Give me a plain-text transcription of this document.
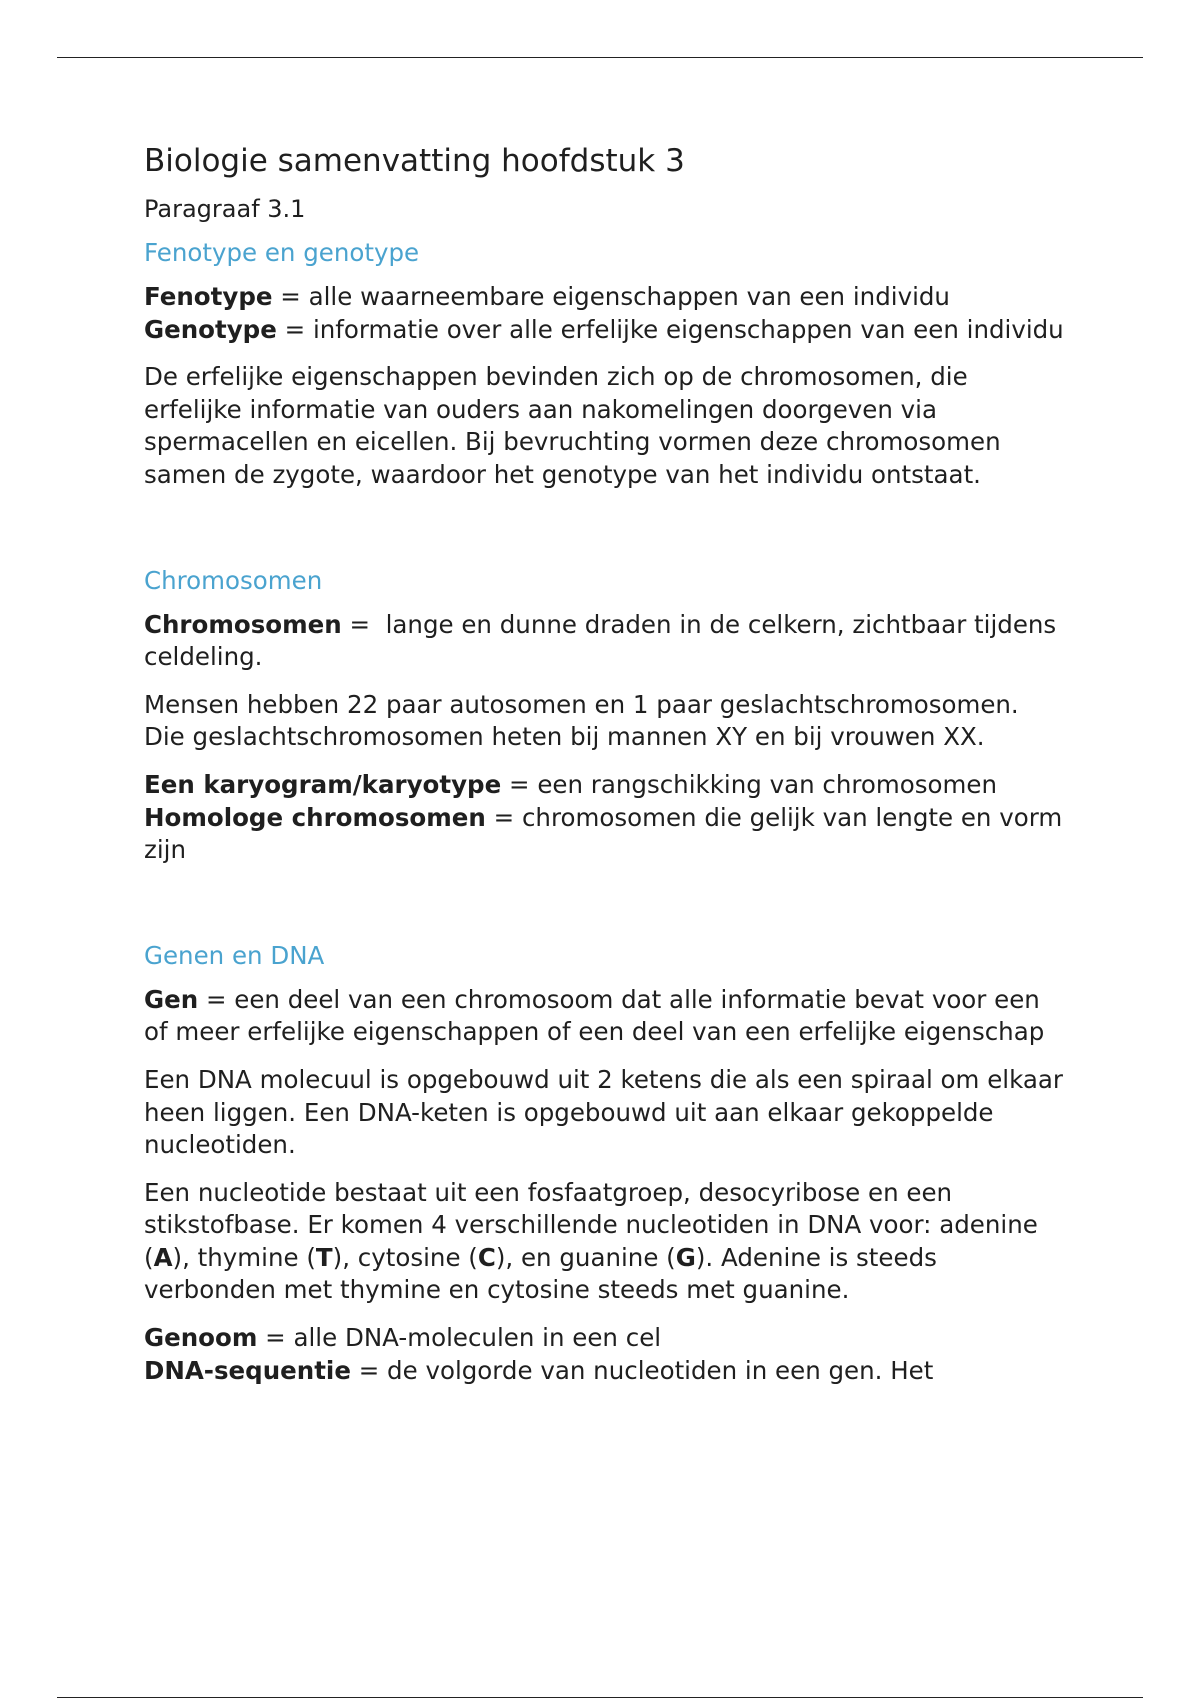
Biologie samenvatting hoofdstuk 3
Paragraaf 3.1
Fenotype en genotype
Fenotype = alle waarneembare eigenschappen van een individu
Genotype = informatie over alle erfelijke eigenschappen van een individu

De erfelijke eigenschappen bevinden zich op de chromosomen, die erfelijke informatie van ouders aan nakomelingen doorgeven via spermacellen en eicellen. Bij bevruchting vormen deze chromosomen samen de zygote, waardoor het genotype van het individu ontstaat.

Chromosomen

Chromosomen =  lange en dunne draden in de celkern, zichtbaar tijdens celdeling.

Mensen hebben 22 paar autosomen en 1 paar geslachtschromosomen. Die geslachtschromosomen heten bij mannen XY en bij vrouwen XX.

Een karyogram/karyotype = een rangschikking van chromosomen
Homologe chromosomen = chromosomen die gelijk van lengte en vorm zijn
Genen en DNA

Gen = een deel van een chromosoom dat alle informatie bevat voor een of meer erfelijke eigenschappen of een deel van een erfelijke eigenschap

Een DNA molecuul is opgebouwd uit 2 ketens die als een spiraal om elkaar heen liggen. Een DNA-keten is opgebouwd uit aan elkaar gekoppelde nucleotiden.

Een nucleotide bestaat uit een fosfaatgroep, desocyribose en een stikstofbase. Er komen 4 verschillende nucleotiden in DNA voor: adenine (A), thymine (T), cytosine (C), en guanine (G). Adenine is steeds verbonden met thymine en cytosine steeds met guanine.

Genoom = alle DNA-moleculen in een cel
DNA-sequentie = de volgorde van nucleotiden in een gen. Het
